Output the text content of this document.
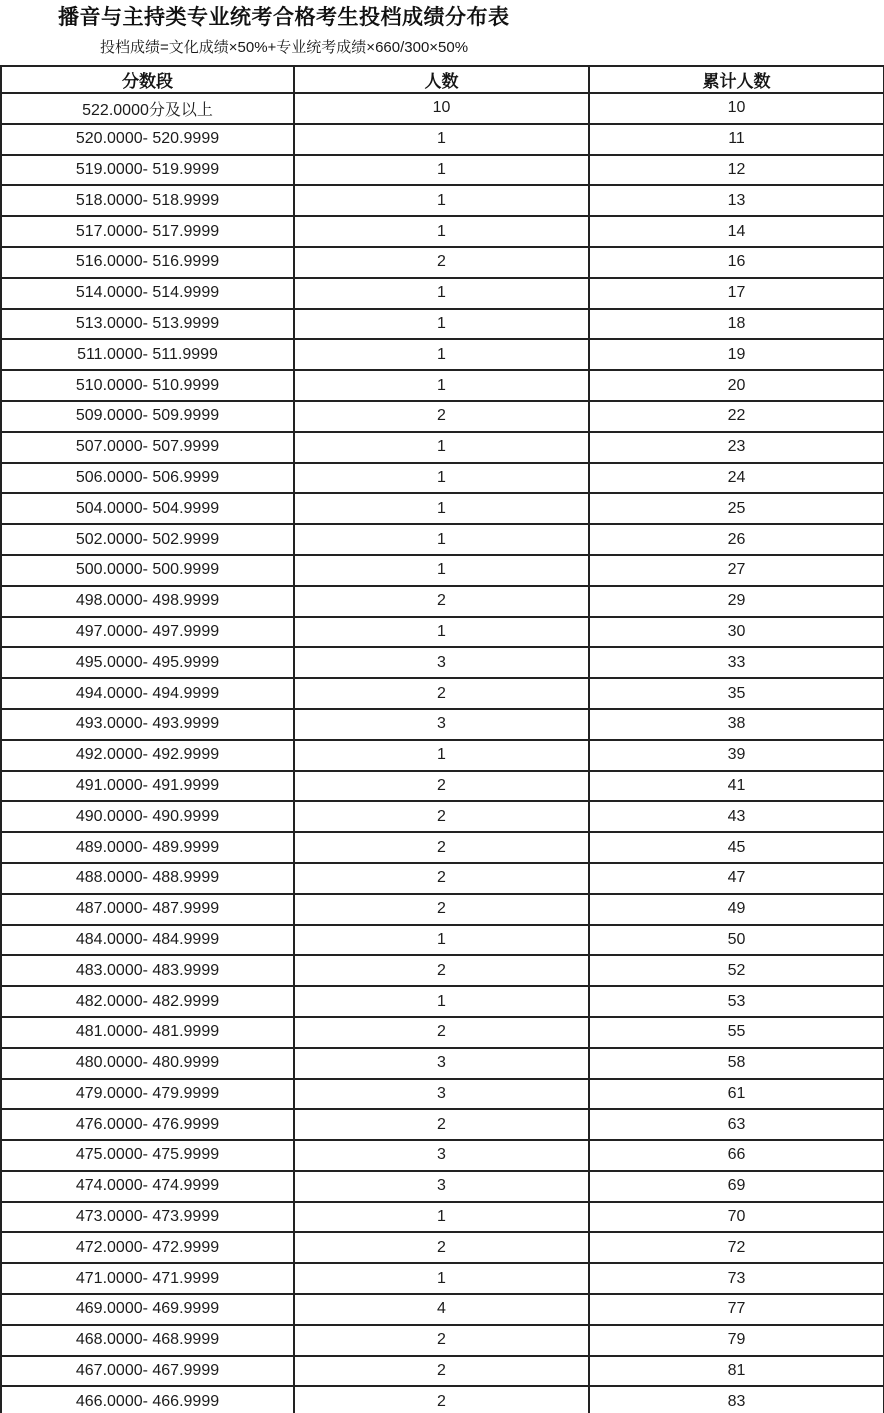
播音与主持类专业统考合格考生投档成绩分布表
投档成绩=文化成绩×50%+专业统考成绩×660/300×50%
分数段	人数	累计人数
522.0000分及以上	10	10
520.0000- 520.9999	1	11
519.0000- 519.9999	1	12
518.0000- 518.9999	1	13
517.0000- 517.9999	1	14
516.0000- 516.9999	2	16
514.0000- 514.9999	1	17
513.0000- 513.9999	1	18
511.0000- 511.9999	1	19
510.0000- 510.9999	1	20
509.0000- 509.9999	2	22
507.0000- 507.9999	1	23
506.0000- 506.9999	1	24
504.0000- 504.9999	1	25
502.0000- 502.9999	1	26
500.0000- 500.9999	1	27
498.0000- 498.9999	2	29
497.0000- 497.9999	1	30
495.0000- 495.9999	3	33
494.0000- 494.9999	2	35
493.0000- 493.9999	3	38
492.0000- 492.9999	1	39
491.0000- 491.9999	2	41
490.0000- 490.9999	2	43
489.0000- 489.9999	2	45
488.0000- 488.9999	2	47
487.0000- 487.9999	2	49
484.0000- 484.9999	1	50
483.0000- 483.9999	2	52
482.0000- 482.9999	1	53
481.0000- 481.9999	2	55
480.0000- 480.9999	3	58
479.0000- 479.9999	3	61
476.0000- 476.9999	2	63
475.0000- 475.9999	3	66
474.0000- 474.9999	3	69
473.0000- 473.9999	1	70
472.0000- 472.9999	2	72
471.0000- 471.9999	1	73
469.0000- 469.9999	4	77
468.0000- 468.9999	2	79
467.0000- 467.9999	2	81
466.0000- 466.9999	2	83
